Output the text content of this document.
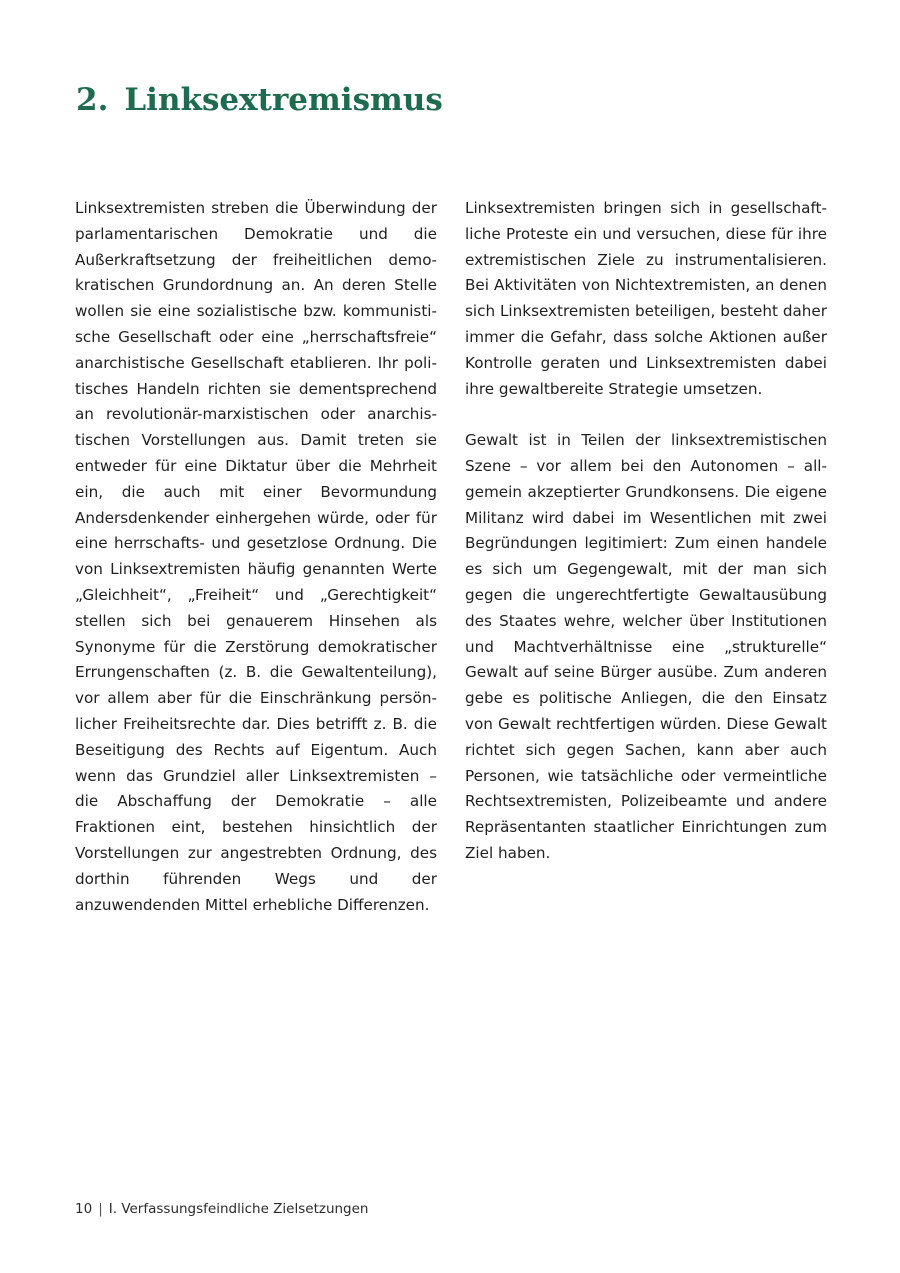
2. Linksextremismus

Linksextremisten streben die Überwindung der parlamentarischen Demokratie und die Außerkraftsetzung der freiheitlichen demokratischen Grundordnung an. An deren Stelle wollen sie eine sozialistische bzw. kommunistische Gesellschaft oder eine „herrschaftsfreie“ anarchistische Gesellschaft etablieren. Ihr politisches Handeln richten sie dementsprechend an revolutionär-marxistischen oder anarchistischen Vorstellungen aus. Damit treten sie entweder für eine Diktatur über die Mehrheit ein, die auch mit einer Bevormundung Andersdenkender einhergehen würde, oder für eine herrschafts- und gesetzlose Ordnung. Die von Linksextremisten häufig genannten Werte „Gleichheit“, „Freiheit“ und „Gerechtigkeit“ stellen sich bei genauerem Hinsehen als Synonyme für die Zerstörung demokratischer Errungenschaften (z. B. die Gewaltenteilung), vor allem aber für die Einschränkung persönlicher Freiheitsrechte dar. Dies betrifft z. B. die Beseitigung des Rechts auf Eigentum. Auch wenn das Grundziel aller Linksextremisten – die Abschaffung der Demokratie – alle Fraktionen eint, bestehen hinsichtlich der Vorstellungen zur angestrebten Ordnung, des dorthin führenden Wegs und der anzuwendenden Mittel erhebliche Differenzen.

Linksextremisten bringen sich in gesellschaftliche Proteste ein und versuchen, diese für ihre extremistischen Ziele zu instrumentalisieren. Bei Aktivitäten von Nichtextremisten, an denen sich Linksextremisten beteiligen, besteht daher immer die Gefahr, dass solche Aktionen außer Kontrolle geraten und Linksextremisten dabei ihre gewaltbereite Strategie umsetzen.

Gewalt ist in Teilen der linksextremistischen Szene – vor allem bei den Autonomen – allgemein akzeptierter Grundkonsens. Die eigene Militanz wird dabei im Wesentlichen mit zwei Begründungen legitimiert: Zum einen handele es sich um Gegengewalt, mit der man sich gegen die ungerechtfertigte Gewaltausübung des Staates wehre, welcher über Institutionen und Machtverhältnisse eine „strukturelle“ Gewalt auf seine Bürger ausübe. Zum anderen gebe es politische Anliegen, die den Einsatz von Gewalt rechtfertigen würden. Diese Gewalt richtet sich gegen Sachen, kann aber auch Personen, wie tatsächliche oder vermeintliche Rechtsextremisten, Polizeibeamte und andere Repräsentanten staatlicher Einrichtungen zum Ziel haben.

10 | I. Verfassungsfeindliche Zielsetzungen
